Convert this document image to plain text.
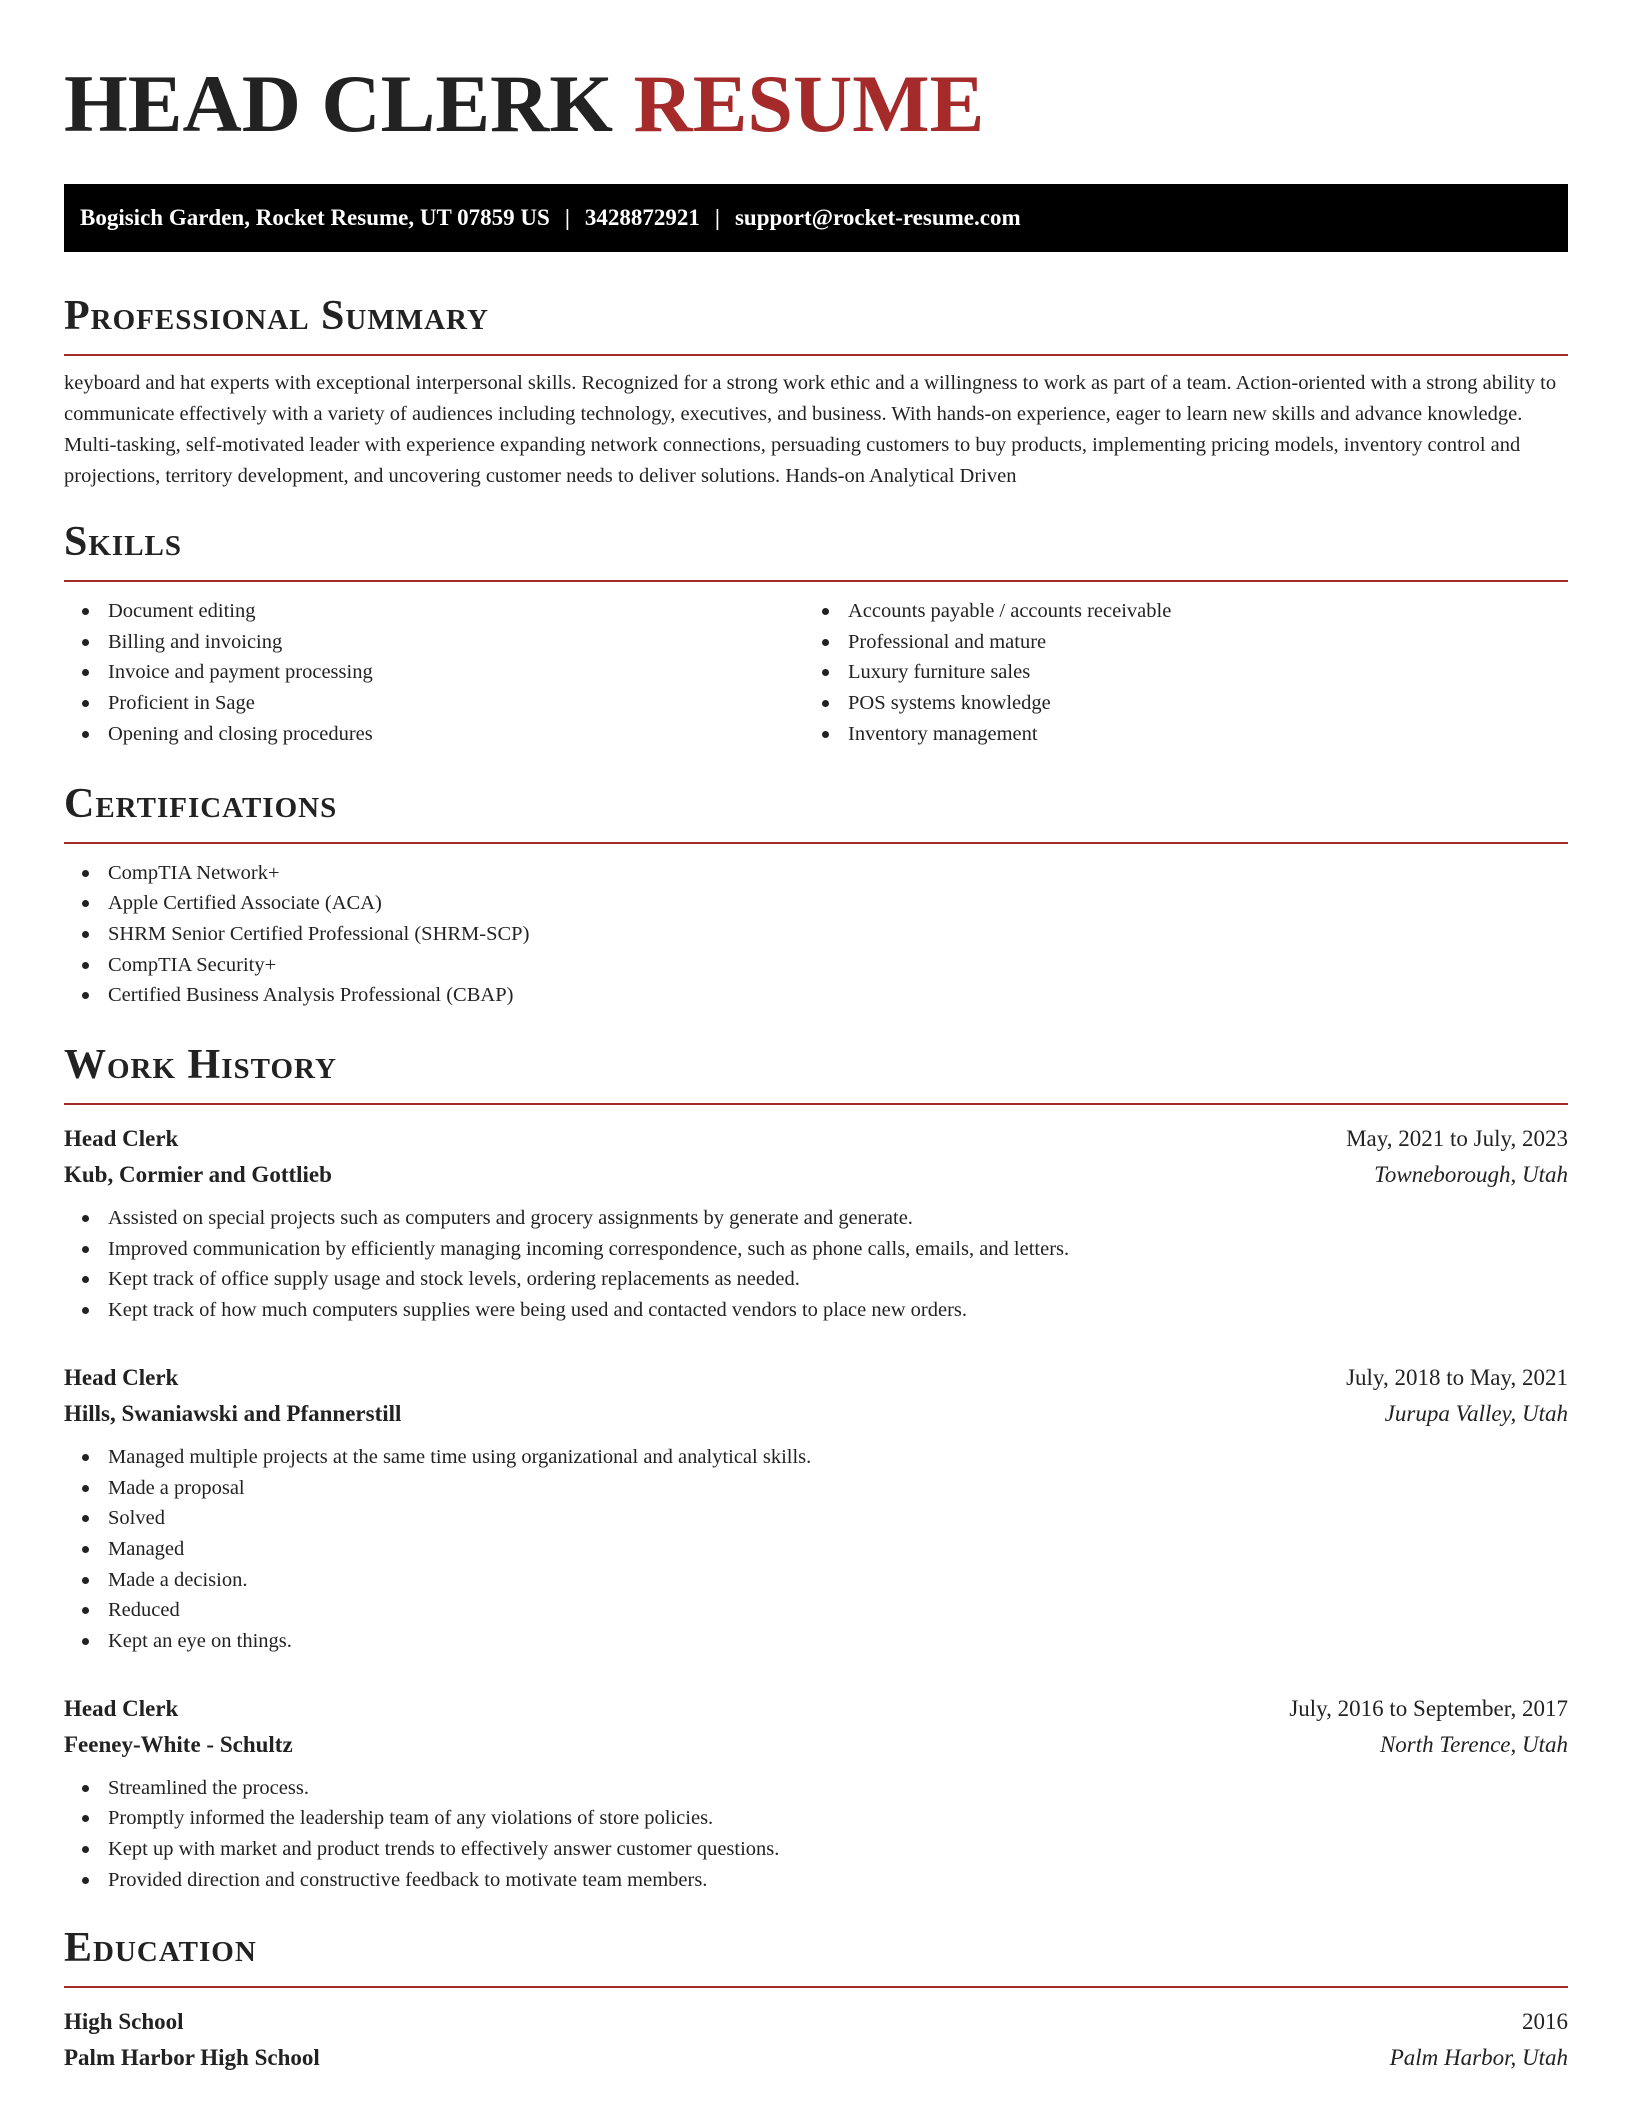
HEAD CLERK RESUME
Bogisich Garden, Rocket Resume, UT 07859 US | 3428872921 | support@rocket-resume.com
Professional Summary

keyboard and hat experts with exceptional interpersonal skills. Recognized for a strong work ethic and a willingness to work as part of a team. Action-oriented with a strong ability to communicate effectively with a variety of audiences including technology, executives, and business. With hands-on experience, eager to learn new skills and advance knowledge. Multi-tasking, self-motivated leader with experience expanding network connections, persuading customers to buy products, implementing pricing models, inventory control and projections, territory development, and uncovering customer needs to deliver solutions. Hands-on Analytical Driven

Skills
Document editing
Billing and invoicing
Invoice and payment processing
Proficient in Sage
Opening and closing procedures
Accounts payable / accounts receivable
Professional and mature
Luxury furniture sales
POS systems knowledge
Inventory management
Certifications
CompTIA Network+
Apple Certified Associate (ACA)
SHRM Senior Certified Professional (SHRM-SCP)
CompTIA Security+
Certified Business Analysis Professional (CBAP)
Work History
Head Clerk	May, 2021 to July, 2023
Kub, Cormier and Gottlieb	Towneborough, Utah
Assisted on special projects such as computers and grocery assignments by generate and generate.
Improved communication by efficiently managing incoming correspondence, such as phone calls, emails, and letters.
Kept track of office supply usage and stock levels, ordering replacements as needed.
Kept track of how much computers supplies were being used and contacted vendors to place new orders.
Head Clerk	July, 2018 to May, 2021
Hills, Swaniawski and Pfannerstill	Jurupa Valley, Utah
Managed multiple projects at the same time using organizational and analytical skills.
Made a proposal
Solved
Managed
Made a decision.
Reduced
Kept an eye on things.
Head Clerk	July, 2016 to September, 2017
Feeney-White - Schultz	North Terence, Utah
Streamlined the process.
Promptly informed the leadership team of any violations of store policies.
Kept up with market and product trends to effectively answer customer questions.
Provided direction and constructive feedback to motivate team members.
Education
High School	2016
Palm Harbor High School	Palm Harbor, Utah
